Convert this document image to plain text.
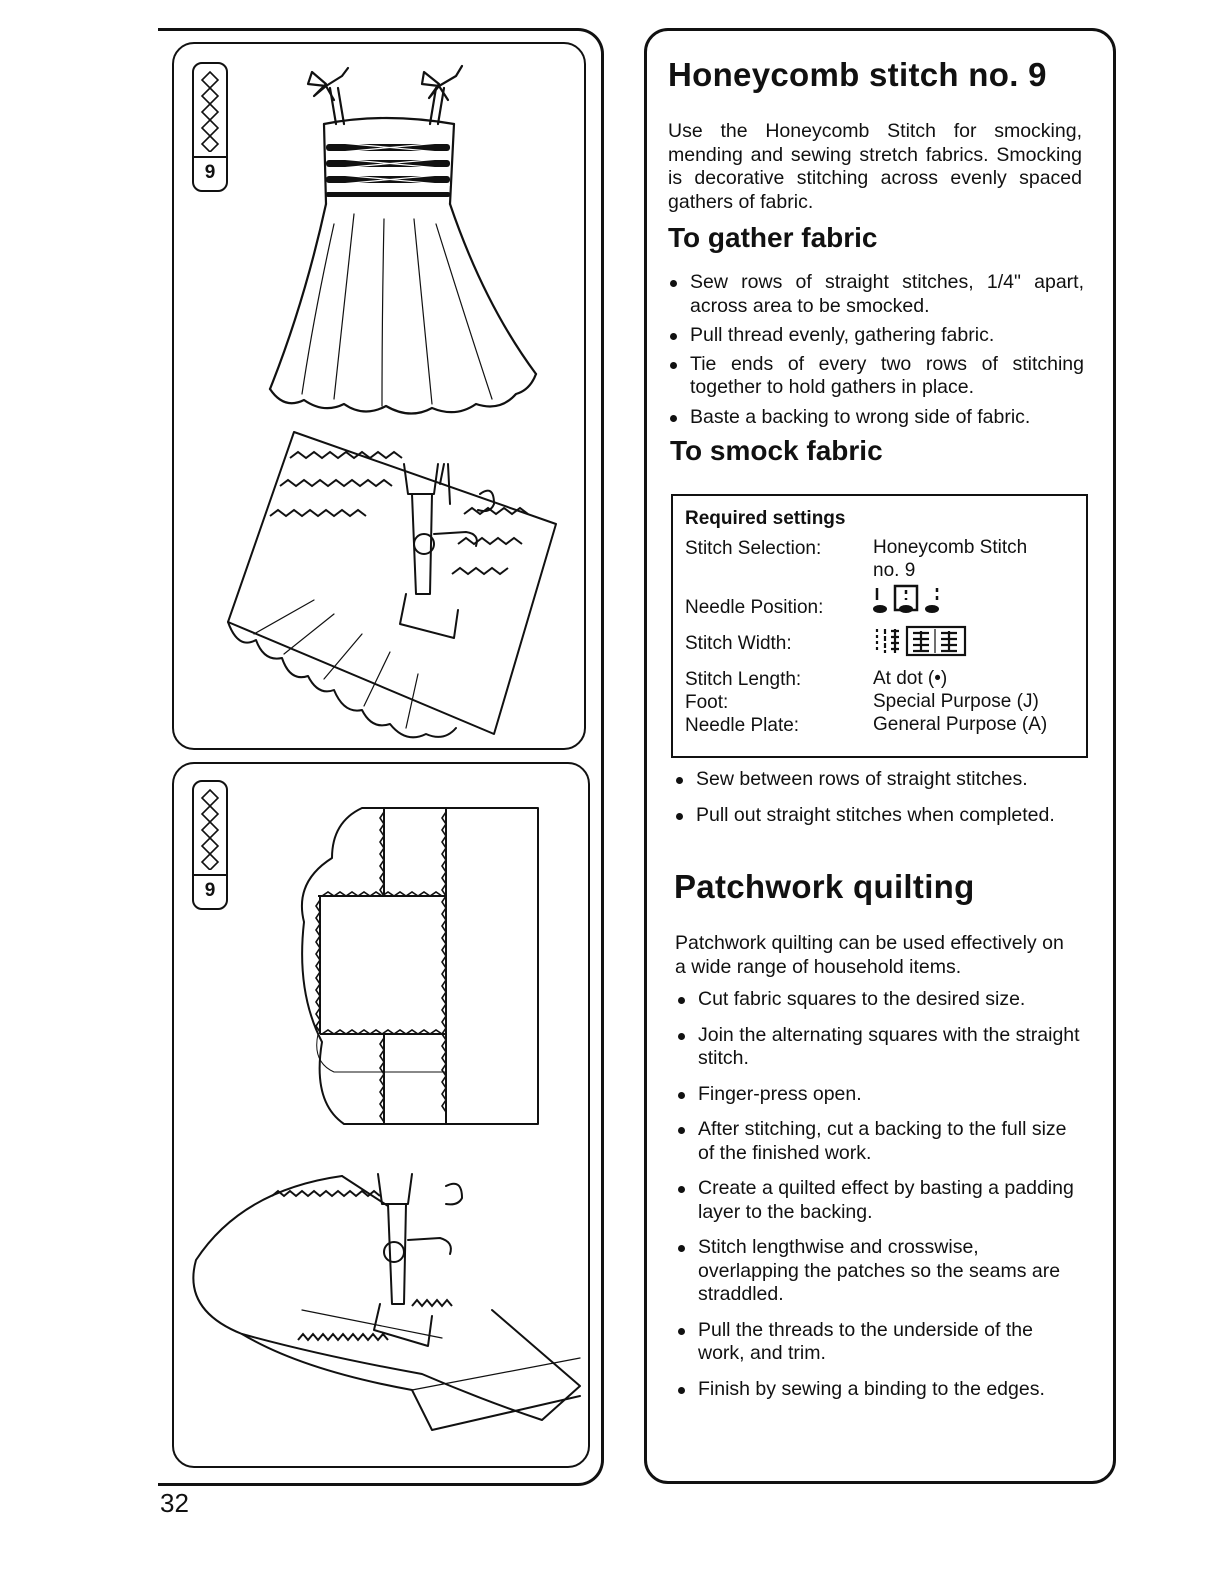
9
9
32
Honeycomb stitch no. 9

Use the Honeycomb Stitch for smocking, mending and sewing stretch fabrics. Smocking is decorative stitching across evenly spaced gathers of fabric.

To gather fabric
Sew rows of straight stitches, 1/4" apart, across area to be smocked.
Pull thread evenly, gathering fabric.
Tie ends of every two rows of stitching together to hold gathers in place.
Baste a backing to wrong side of fabric.
To smock fabric
Required settings
Stitch Selection:	Honeycomb Stitch no. 9
Needle Position:
Stitch Width:
Stitch Length:	At dot (•)
Foot:	Special Purpose (J)
Needle Plate:	General Purpose (A)
Sew between rows of straight stitches.
Pull out straight stitches when completed.
Patchwork quilting

Patchwork quilting can be used effectively on a wide range of household items.

Cut fabric squares to the desired size.
Join the alternating squares with the straight stitch.
Finger-press open.
After stitching, cut a backing to the full size of the finished work.
Create a quilted effect by basting a padding layer to the backing.
Stitch lengthwise and crosswise, overlapping the patches so the seams are straddled.
Pull the threads to the underside of the work, and trim.
Finish by sewing a binding to the edges.
